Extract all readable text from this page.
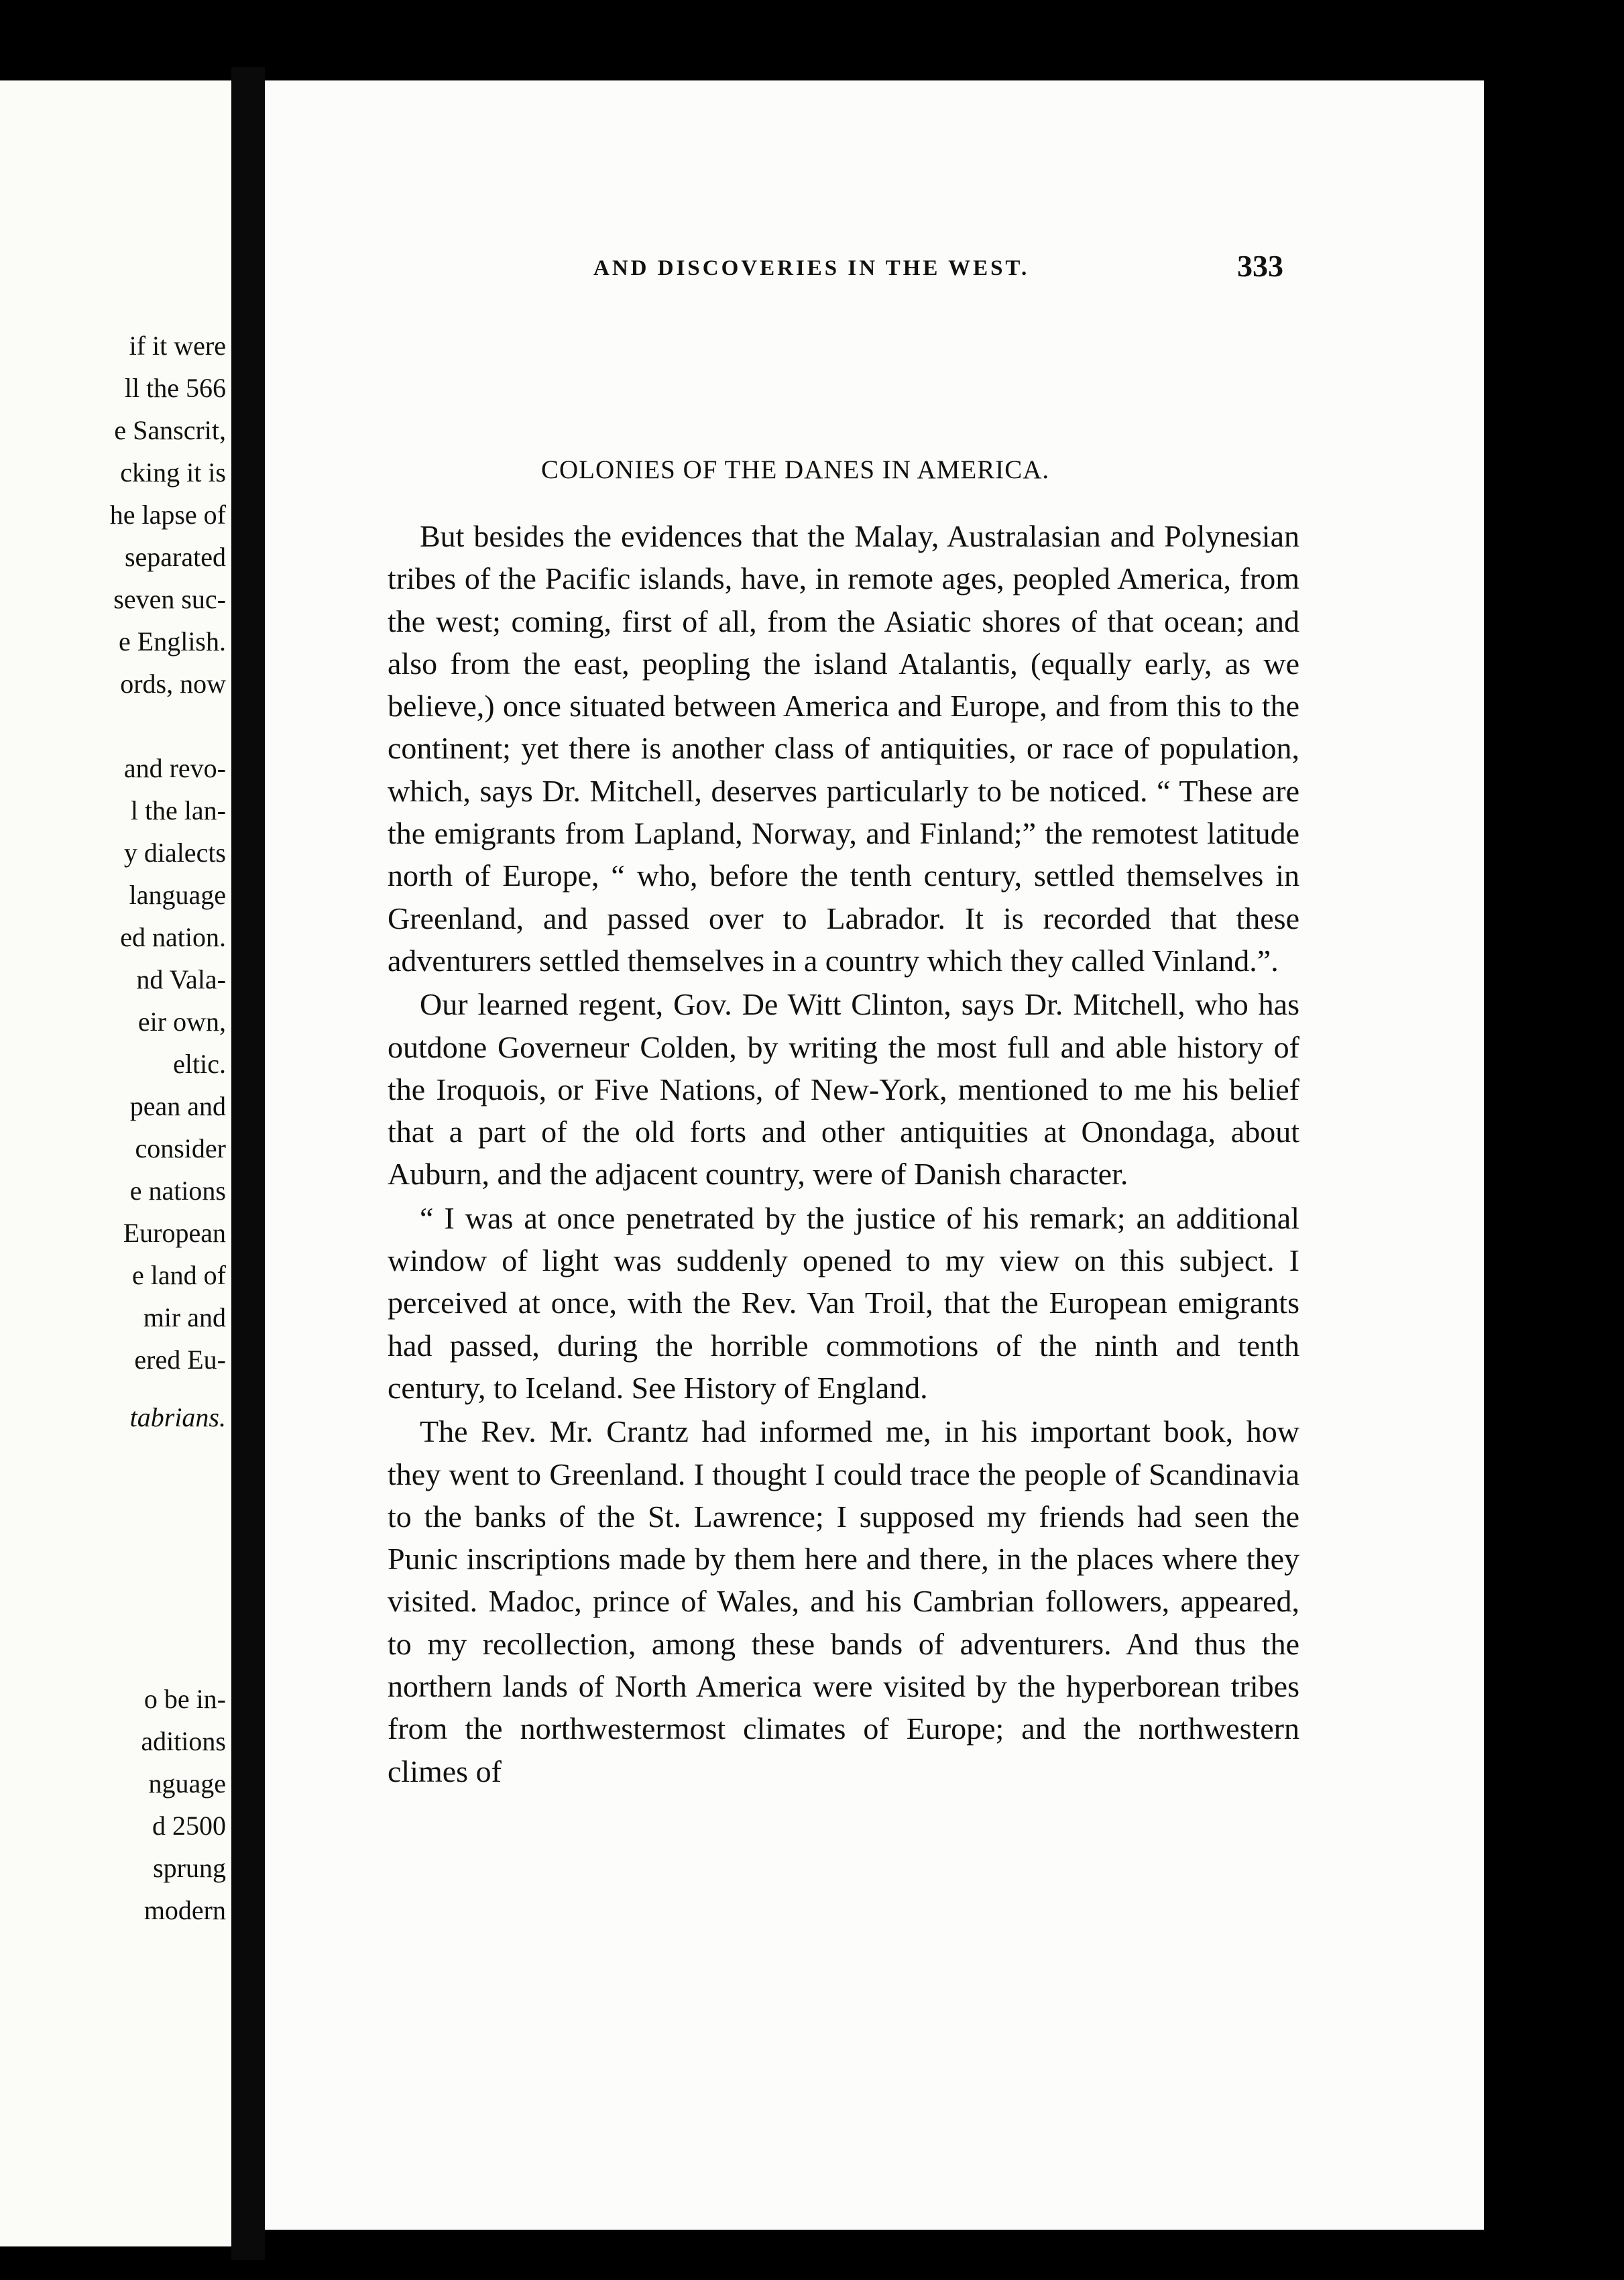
if it were
ll the 566
e Sanscrit,
cking it is
he lapse of
separated
seven suc-
e English.
ords, now
and revo-
l the lan-
y dialects
language
ed nation.
nd Vala-
eir own,
eltic.
pean and
consider
e nations
European
e land of
mir and
ered Eu-
tabrians.
o be in-
aditions
nguage
d 2500
sprung
modern
AND DISCOVERIES IN THE WEST.	333
COLONIES OF THE DANES IN AMERICA.

But besides the evidences that the Malay, Australasian and Polynesian tribes of the Pacific islands, have, in remote ages, peopled America, from the west; coming, first of all, from the Asiatic shores of that ocean; and also from the east, peopling the island Atalantis, (equally early, as we believe,) once situated between America and Europe, and from this to the continent; yet there is another class of antiquities, or race of population, which, says Dr. Mitchell, deserves particularly to be noticed. “ These are the emigrants from Lapland, Norway, and Finland;” the remotest latitude north of Europe, “ who, before the tenth century, settled themselves in Greenland, and passed over to Labrador. It is recorded that these adventurers settled themselves in a country which they called Vinland.”.

Our learned regent, Gov. De Witt Clinton, says Dr. Mitchell, who has outdone Governeur Colden, by writing the most full and able history of the Iroquois, or Five Nations, of New-York, mentioned to me his belief that a part of the old forts and other antiquities at Onondaga, about Auburn, and the adjacent country, were of Danish character.

“ I was at once penetrated by the justice of his remark; an additional window of light was suddenly opened to my view on this subject. I perceived at once, with the Rev. Van Troil, that the European emigrants had passed, during the horrible commotions of the ninth and tenth century, to Iceland. See History of England.

The Rev. Mr. Crantz had informed me, in his important book, how they went to Greenland. I thought I could trace the people of Scandinavia to the banks of the St. Lawrence; I supposed my friends had seen the Punic inscriptions made by them here and there, in the places where they visited. Madoc, prince of Wales, and his Cambrian followers, appeared, to my recollection, among these bands of adventurers. And thus the northern lands of North America were visited by the hyperborean tribes from the northwestermost climates of Europe; and the northwestern climes of
